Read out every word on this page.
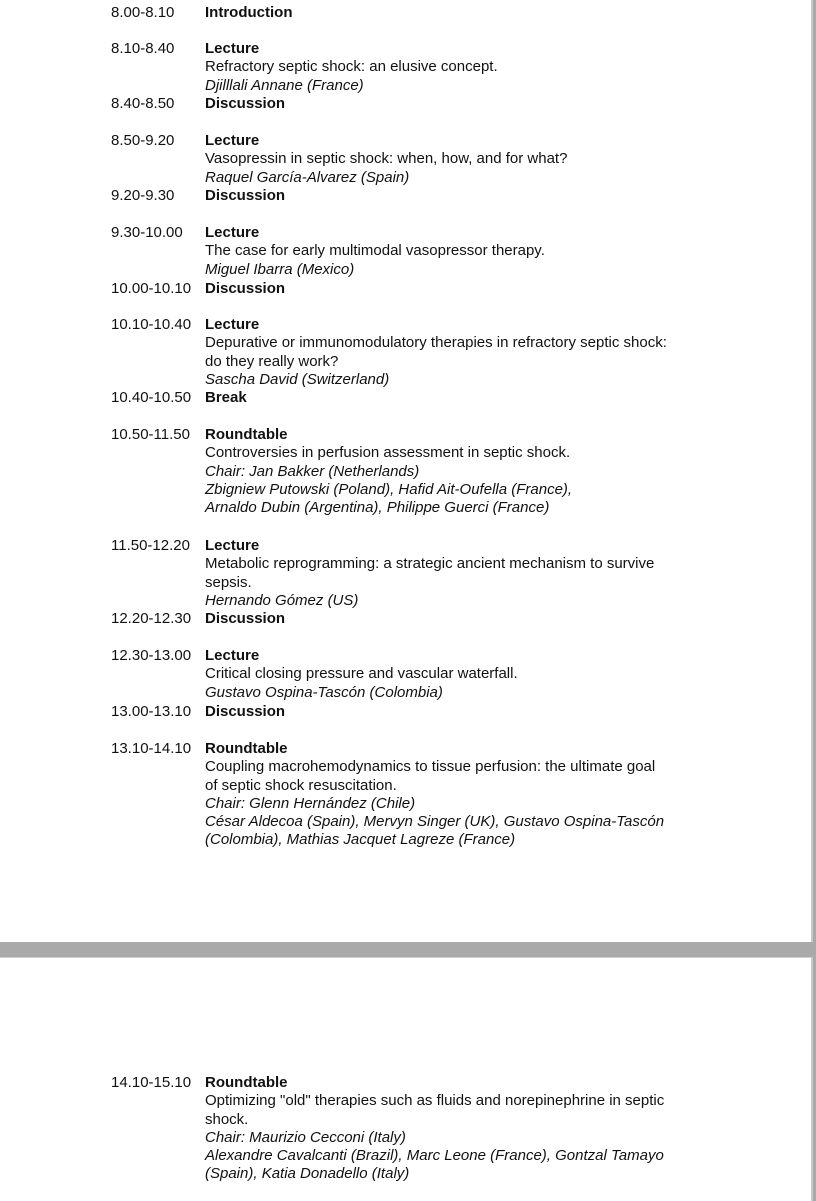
8.00-8.10 Introduction
8.10-8.40 Lecture
Refractory septic shock: an elusive concept.
Djilllali Annane (France)
8.40-8.50 Discussion
8.50-9.20 Lecture
Vasopressin in septic shock: when, how, and for what?
Raquel García-Alvarez (Spain)
9.20-9.30 Discussion
9.30-10.00 Lecture
The case for early multimodal vasopressor therapy.
Miguel Ibarra (Mexico)
10.00-10.10 Discussion
10.10-10.40 Lecture
Depurative or immunomodulatory therapies in refractory septic shock:
do they really work?
Sascha David (Switzerland)
10.40-10.50 Break
10.50-11.50 Roundtable
Controversies in perfusion assessment in septic shock.
Chair: Jan Bakker (Netherlands)
Zbigniew Putowski (Poland), Hafid Ait-Oufella (France),
Arnaldo Dubin (Argentina), Philippe Guerci (France)
11.50-12.20 Lecture
Metabolic reprogramming: a strategic ancient mechanism to survive
sepsis.
Hernando Gómez (US)
12.20-12.30 Discussion
12.30-13.00 Lecture
Critical closing pressure and vascular waterfall.
Gustavo Ospina-Tascón (Colombia)
13.00-13.10 Discussion
13.10-14.10 Roundtable
Coupling macrohemodynamics to tissue perfusion: the ultimate goal
of septic shock resuscitation.
Chair: Glenn Hernández (Chile)
César Aldecoa (Spain), Mervyn Singer (UK), Gustavo Ospina-Tascón
(Colombia), Mathias Jacquet Lagreze (France)
14.10-15.10 Roundtable
Optimizing "old" therapies such as fluids and norepinephrine in septic
shock.
Chair: Maurizio Cecconi (Italy)
Alexandre Cavalcanti (Brazil), Marc Leone (France), Gontzal Tamayo
(Spain), Katia Donadello (Italy)
